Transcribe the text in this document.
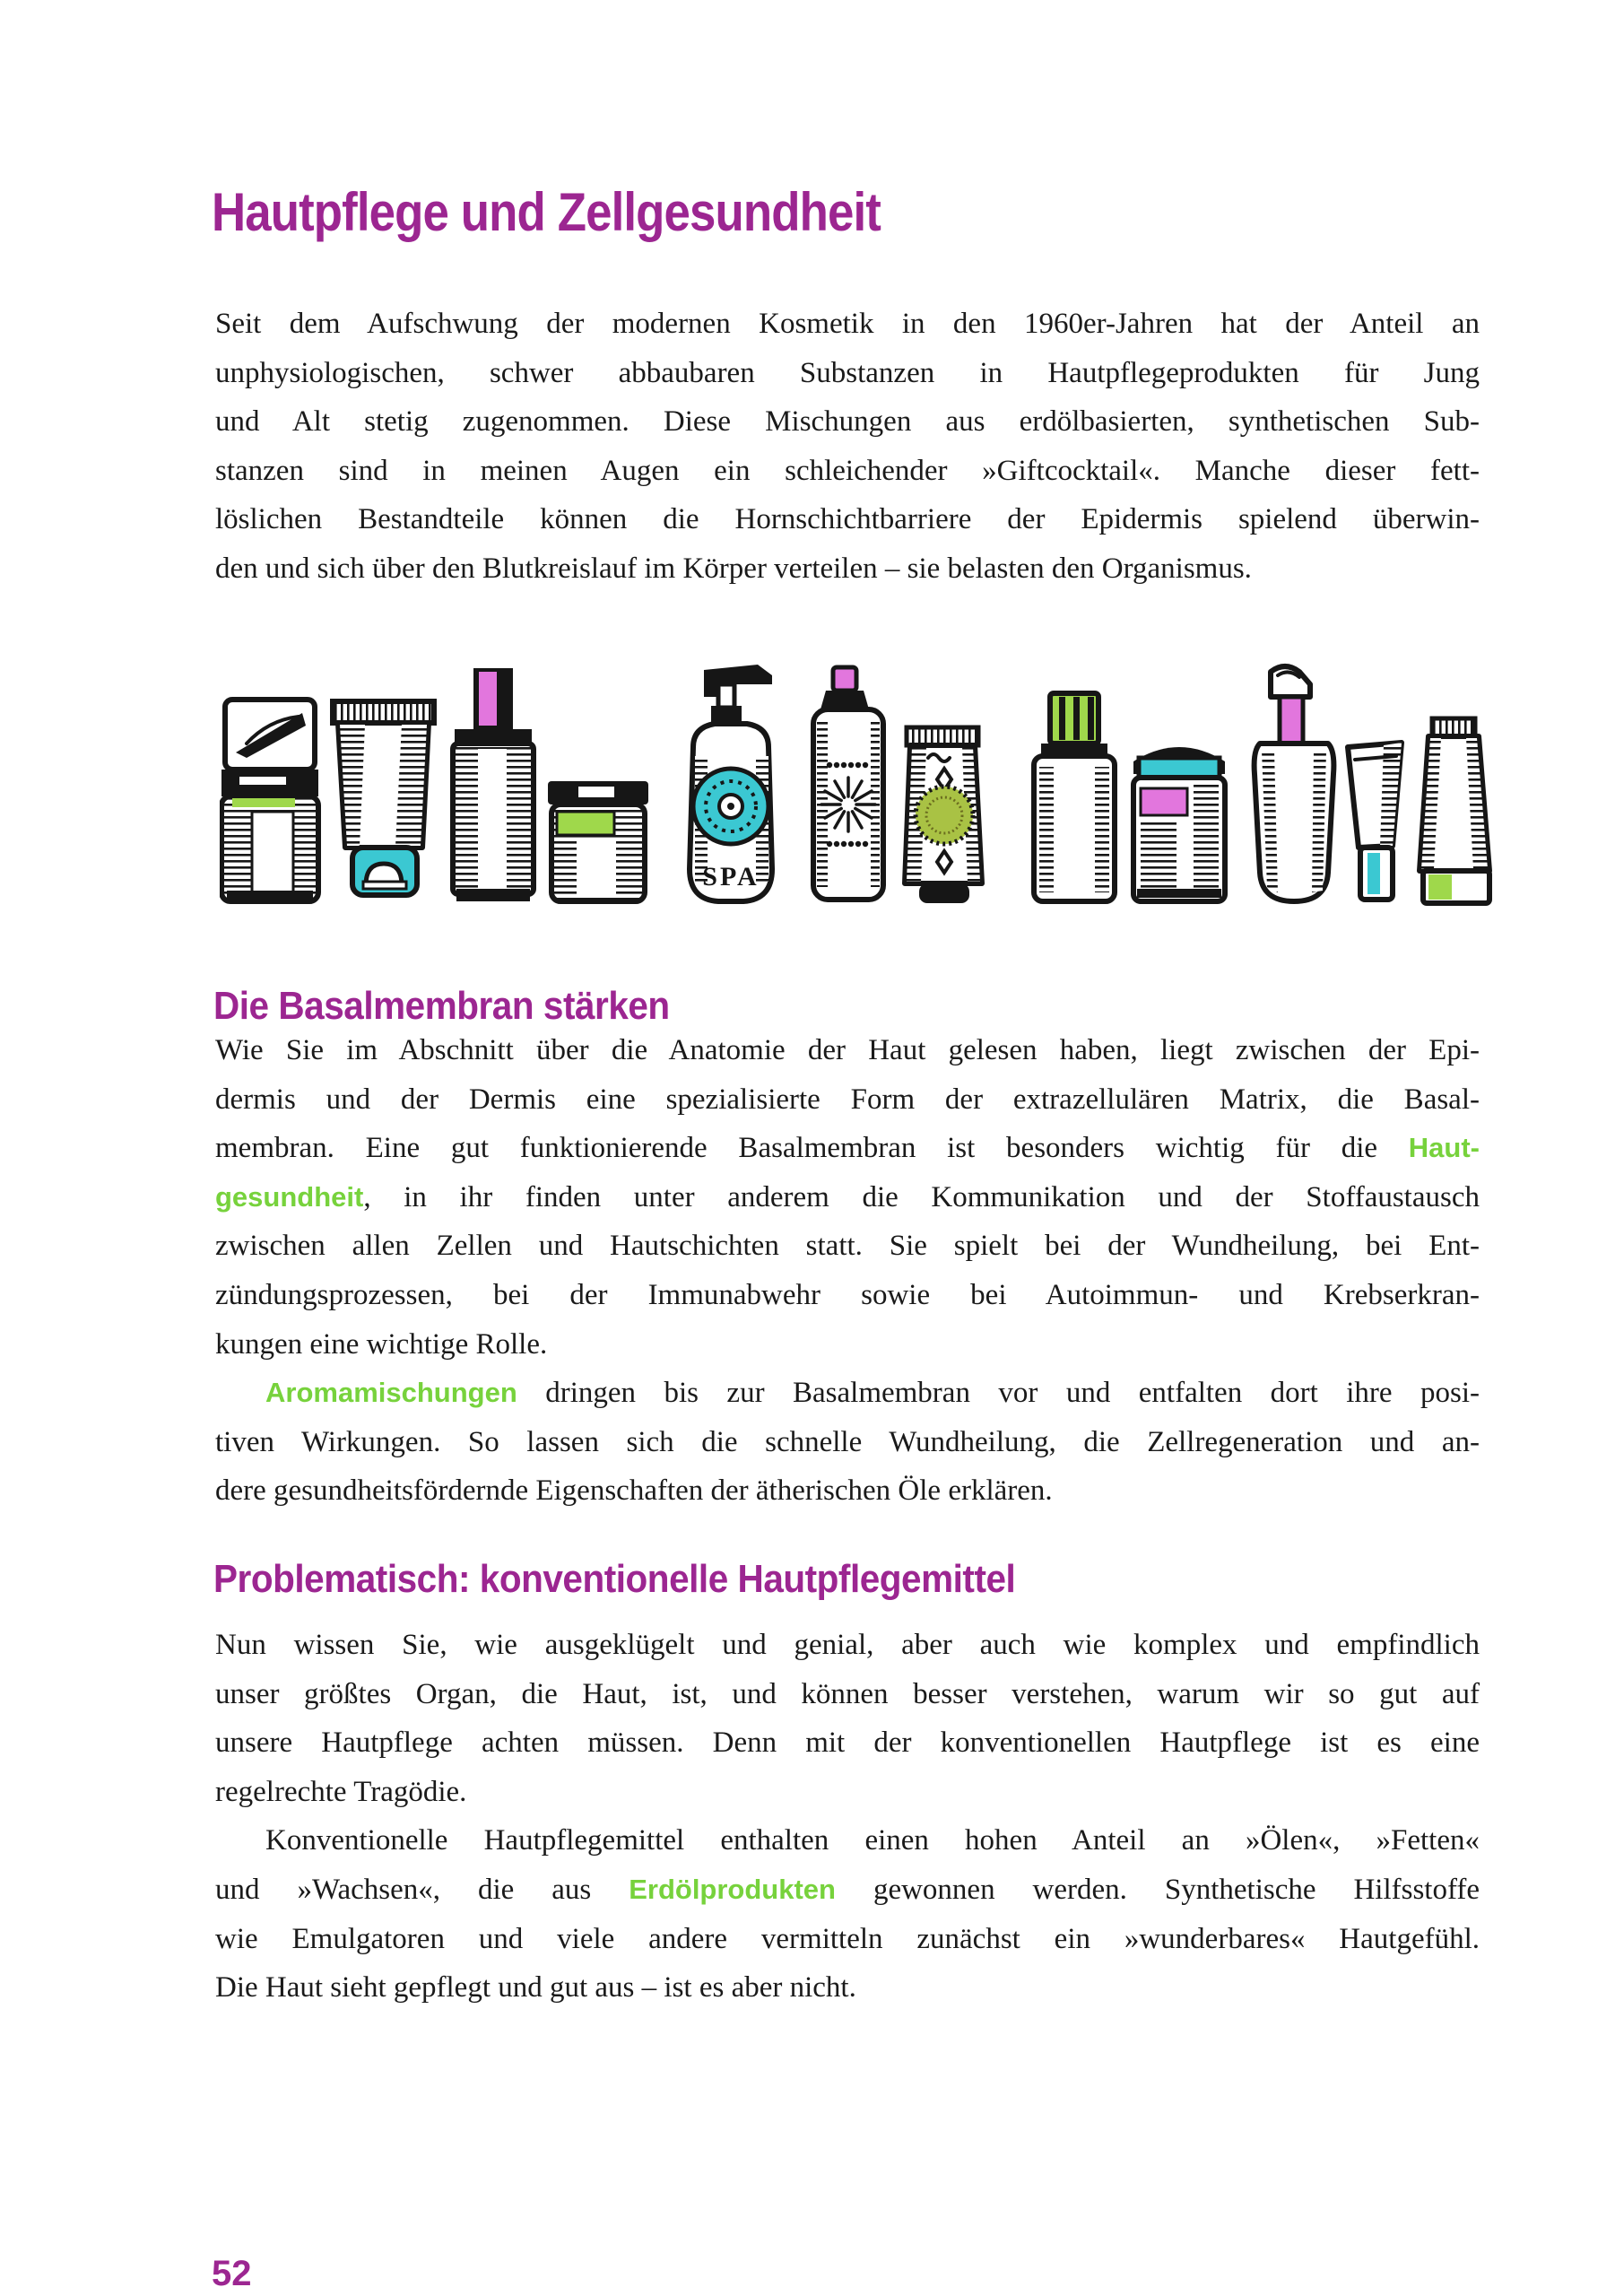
Hautpflege und Zellgesundheit
Seit dem Aufschwung der modernen Kosmetik in den 1960er-Jahren hat der Anteil an
unphysiologischen, schwer abbaubaren Substanzen in Hautpflegeprodukten für Jung
und Alt stetig zugenommen. Diese Mischungen aus erdölbasierten, synthetischen Sub-
stanzen sind in meinen Augen ein schleichender »Giftcocktail«. Manche dieser fett-
löslichen Bestandteile können die Hornschichtbarriere der Epidermis spielend überwin-
den und sich über den Blutkreislauf im Körper verteilen – sie belasten den Organismus.
SPA
Die Basalmembran stärken
Wie Sie im Abschnitt über die Anatomie der Haut gelesen haben, liegt zwischen der Epi-
dermis und der Dermis eine spezialisierte Form der extrazellulären Matrix, die Basal-
membran. Eine gut funktionierende Basalmembran ist besonders wichtig für die Haut-
gesundheit, in ihr finden unter anderem die Kommunikation und der Stoffaustausch
zwischen allen Zellen und Hautschichten statt. Sie spielt bei der Wundheilung, bei Ent-
zündungsprozessen, bei der Immunabwehr sowie bei Autoimmun- und Krebserkran-
kungen eine wichtige Rolle.
Aromamischungen dringen bis zur Basalmembran vor und entfalten dort ihre posi-
tiven Wirkungen. So lassen sich die schnelle Wundheilung, die Zellregeneration und an-
dere gesundheitsfördernde Eigenschaften der ätherischen Öle erklären.
Problematisch: konventionelle Hautpflegemittel
Nun wissen Sie, wie ausgeklügelt und genial, aber auch wie komplex und empfindlich
unser größtes Organ, die Haut, ist, und können besser verstehen, warum wir so gut auf
unsere Hautpflege achten müssen. Denn mit der konventionellen Hautpflege ist es eine
regelrechte Tragödie.
Konventionelle Hautpflegemittel enthalten einen hohen Anteil an »Ölen«, »Fetten«
und »Wachsen«, die aus Erdölprodukten gewonnen werden. Synthetische Hilfsstoffe
wie Emulgatoren und viele andere vermitteln zunächst ein »wunderbares« Hautgefühl.
Die Haut sieht gepflegt und gut aus – ist es aber nicht.
52
